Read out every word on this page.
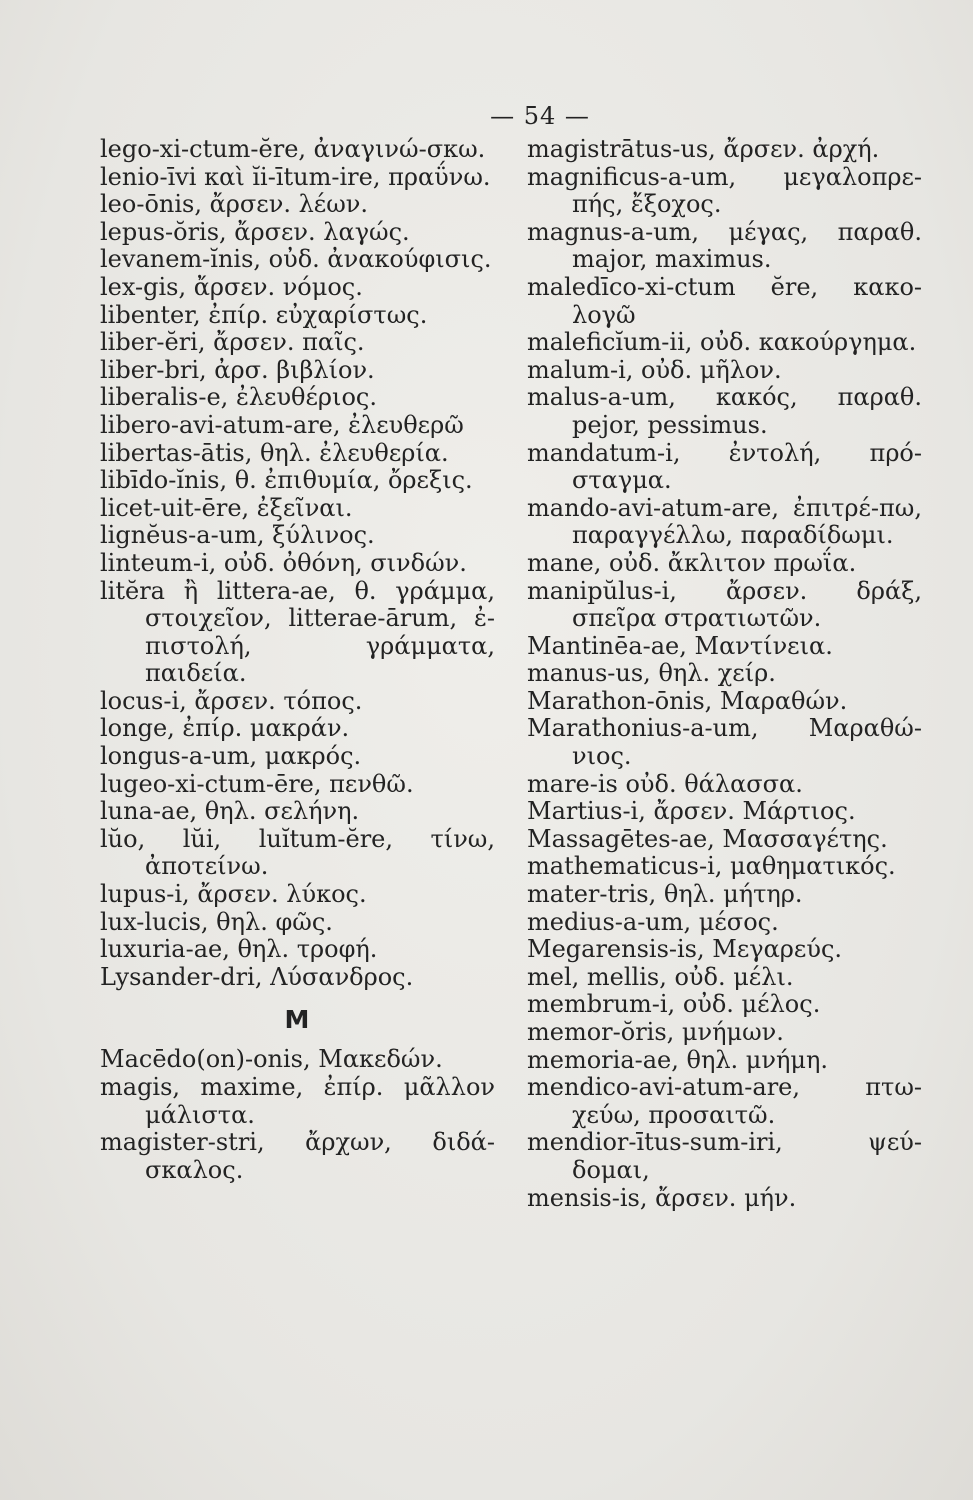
— 54 —

lego-xi-ctum-ĕre, ἀναγινώ-σκω.

lenio-īvi καὶ ĭi-ītum-ire, πραΰνω.

leo-ōnis, ἄρσεν. λέων.

lepus-ŏris, ἄρσεν. λαγώς.

levanem-ĭnis, οὐδ. ἀνακούφισις.

lex-gis, ἄρσεν. νόμος.

libenter, ἐπίρ. εὐχαρίστως.

liber-ĕri, ἄρσεν. παῖς.

liber-bri, ἀρσ. βιβλίον.

liberalis-e, ἐλευθέριος.

libero-avi-atum-are, ἐλευθερῶ

libertas-ātis, θηλ. ἐλευθερία.

libīdo-ĭnis, θ. ἐπιθυμία, ὄρεξις.

licet-uit-ēre, ἐξεῖναι.

lignĕus-a-um, ξύλινος.

linteum-i, οὐδ. ὀθόνη, σινδών.

litĕra ἢ littera-ae, θ. γράμμα, στοιχεῖον, litterae-ārum, ἐ-πιστολή, γράμματα, παιδεία.

locus-i, ἄρσεν. τόπος.

longe, ἐπίρ. μακράν.

longus-a-um, μακρός.

lugeo-xi-ctum-ēre, πενθῶ.

luna-ae, θηλ. σελήνη.

lŭo, lŭi, luĭtum-ĕre, τίνω, ἀποτείνω.

lupus-i, ἄρσεν. λύκος.

lux-lucis, θηλ. φῶς.

luxuria-ae, θηλ. τροφή.

Lysander-dri, Λύσανδρος.

M

Macēdo(on)-onis, Μακεδών.

magis, maxime, ἐπίρ. μᾶλλον μάλιστα.

magister-stri, ἄρχων, διδά-σκαλος.

magistrātus-us, ἄρσεν. ἀρχή.

magnificus-a-um, μεγαλοπρε-πής, ἔξοχος.

magnus-a-um, μέγας, παραθ. major, maximus.

maledīco-xi-ctum ĕre, κακο-λογῶ

maleficĭum-ii, οὐδ. κακούργημα.

malum-i, οὐδ. μῆλον.

malus-a-um, κακός, παραθ. pejor, pessimus.

mandatum-i, ἐντολή, πρό-σταγμα.

mando-avi-atum-are, ἐπιτρέ-πω, παραγγέλλω, παραδίδωμι.

mane, οὐδ. ἄκλιτον πρωΐα.

manipŭlus-i, ἄρσεν. δράξ, σπεῖρα στρατιωτῶν.

Mantinēa-ae, Μαντίνεια.

manus-us, θηλ. χείρ.

Marathon-ōnis, Μαραθών.

Marathonius-a-um, Μαραθώ-νιος.

mare-is οὐδ. θάλασσα.

Martius-i, ἄρσεν. Μάρτιος.

Massagētes-ae, Μασσαγέτης.

mathematicus-i, μαθηματικός.

mater-tris, θηλ. μήτηρ.

medius-a-um, μέσος.

Megarensis-is, Μεγαρεύς.

mel, mellis, οὐδ. μέλι.

membrum-i, οὐδ. μέλος.

memor-ŏris, μνήμων.

memoria-ae, θηλ. μνήμη.

mendico-avi-atum-are, πτω-χεύω, προσαιτῶ.

mendior-ītus-sum-iri, ψεύ-δομαι,

mensis-is, ἄρσεν. μήν.
